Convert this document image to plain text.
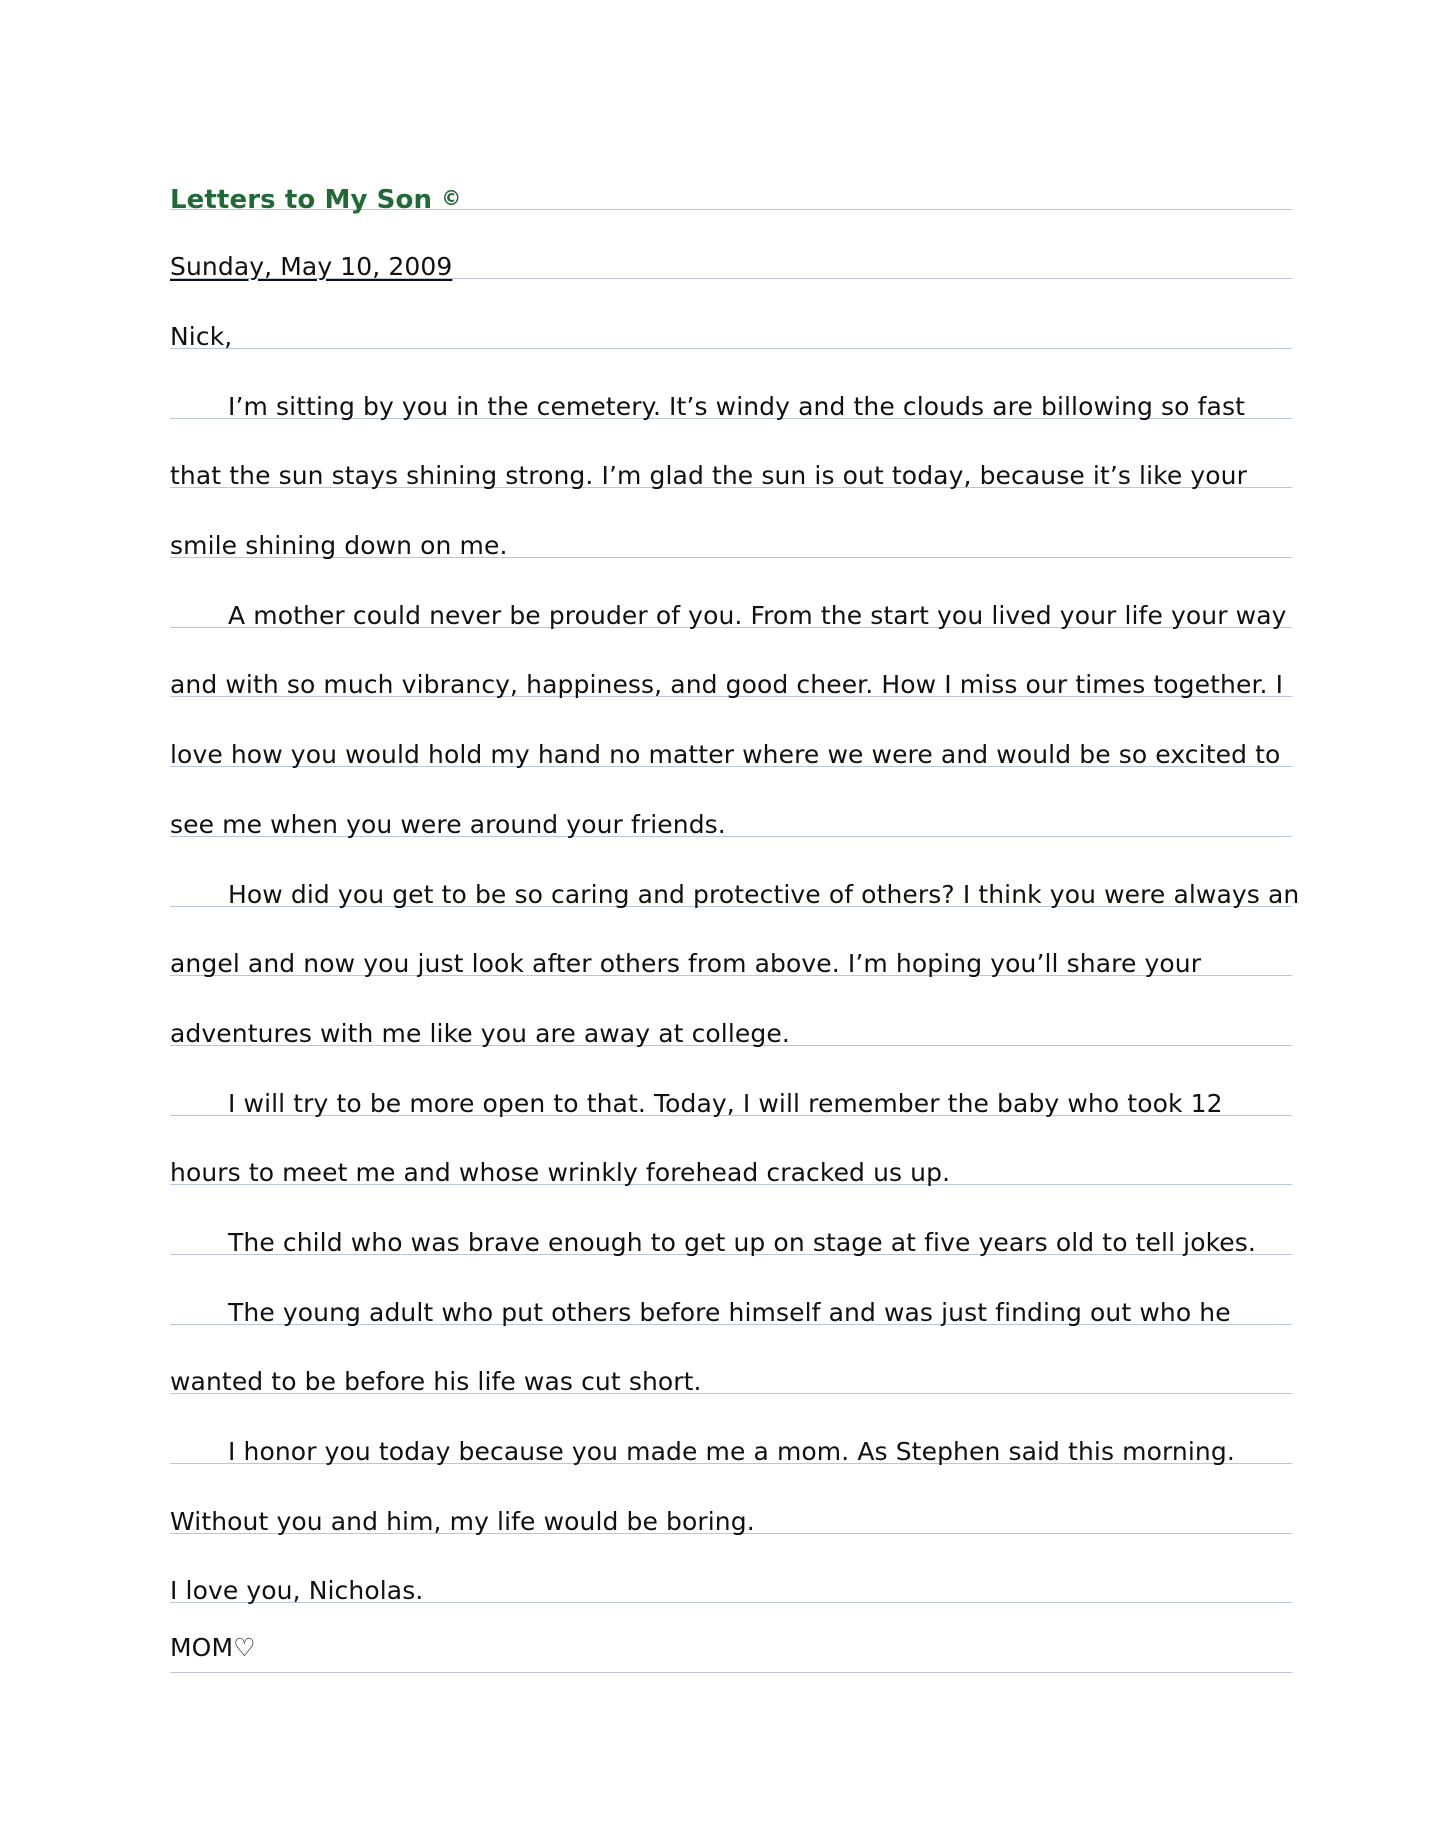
Letters to My Son ©
Sunday, May 10, 2009
Nick,
I’m sitting by you in the cemetery. It’s windy and the clouds are billowing so fast
that the sun stays shining strong. I’m glad the sun is out today, because it’s like your
smile shining down on me.
A mother could never be prouder of you. From the start you lived your life your way
and with so much vibrancy, happiness, and good cheer. How I miss our times together. I
love how you would hold my hand no matter where we were and would be so excited to
see me when you were around your friends.
How did you get to be so caring and protective of others? I think you were always an
angel and now you just look after others from above. I’m hoping you’ll share your
adventures with me like you are away at college.
I will try to be more open to that. Today, I will remember the baby who took 12
hours to meet me and whose wrinkly forehead cracked us up.
The child who was brave enough to get up on stage at five years old to tell jokes.
The young adult who put others before himself and was just finding out who he
wanted to be before his life was cut short.
I honor you today because you made me a mom. As Stephen said this morning.
Without you and him, my life would be boring.
I love you, Nicholas.
MOM♡
